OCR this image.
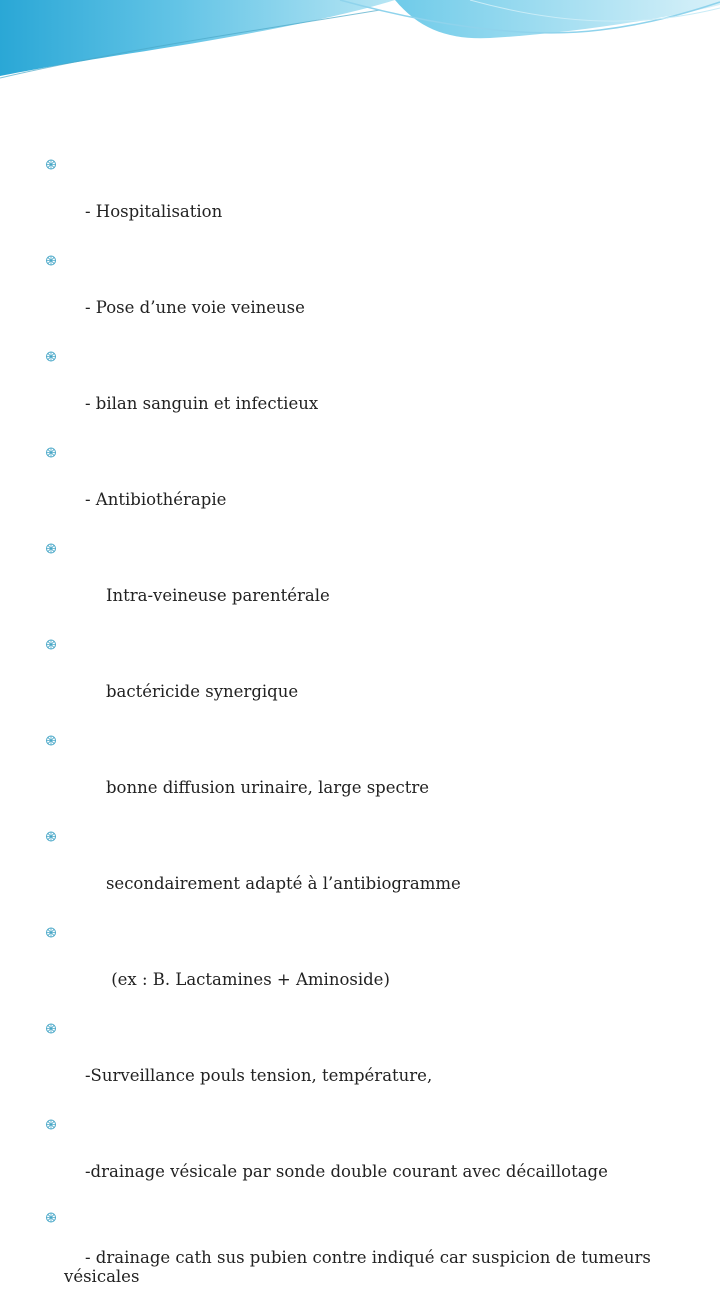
- Hospitalisation

- Pose d’une voie veineuse

- bilan sanguin et infectieux

- Antibiothérapie

Intra-veineuse parentérale

bactéricide synergique

bonne diffusion urinaire, large spectre

secondairement adapté à l’antibiogramme

(ex : B. Lactamines + Aminoside)

-Surveillance pouls tension, température,

-drainage vésicale par sonde double courant avec décaillotage

- drainage cath sus pubien contre indiqué car suspicion de tumeurs vésicales
